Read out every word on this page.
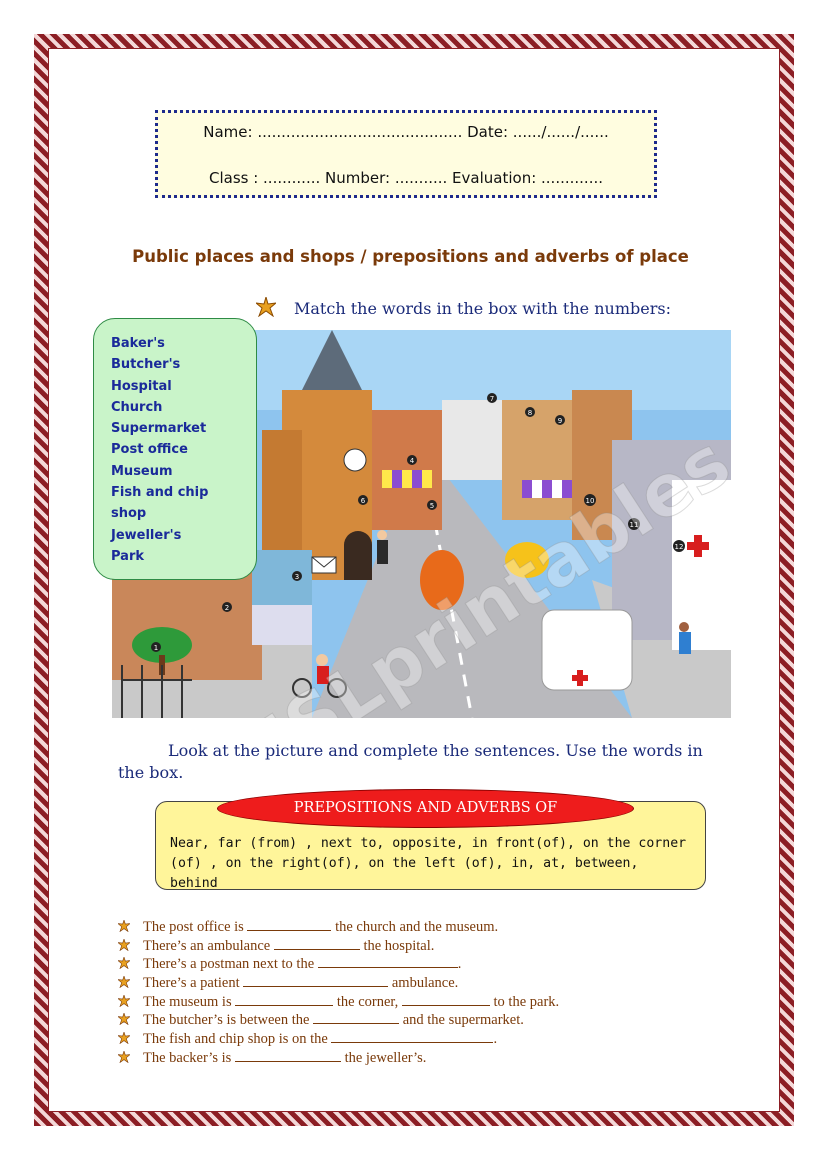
Name: ........................................... Date: ....../....../......
Class : ............ Number: ........... Evaluation: .............
Public places and shops / prepositions and adverbs of place
Match the words in the box with the numbers:
1
2
3
4
5
6
7
8
9
10
11
12
Baker's
Butcher's
Hospital
Church
Supermarket
Post office
Museum
Fish and chip
shop
Jeweller's
Park
Look at the picture and complete the sentences. Use the words in the box.
Near, far (from) , next to, opposite, in front(of), on the corner (of) , on the right(of), on the left (of), in, at, between, behind
PREPOSITIONS AND ADVERBS OF
The post office is	the church and the museum.
There’s an ambulance	the hospital.
There’s a postman next to the	.
There’s a patient	ambulance.
The museum is	the corner,	to the park.
The butcher’s is between the	and the supermarket.
The fish and chip shop is on the	.
The backer’s is	the jeweller’s.
